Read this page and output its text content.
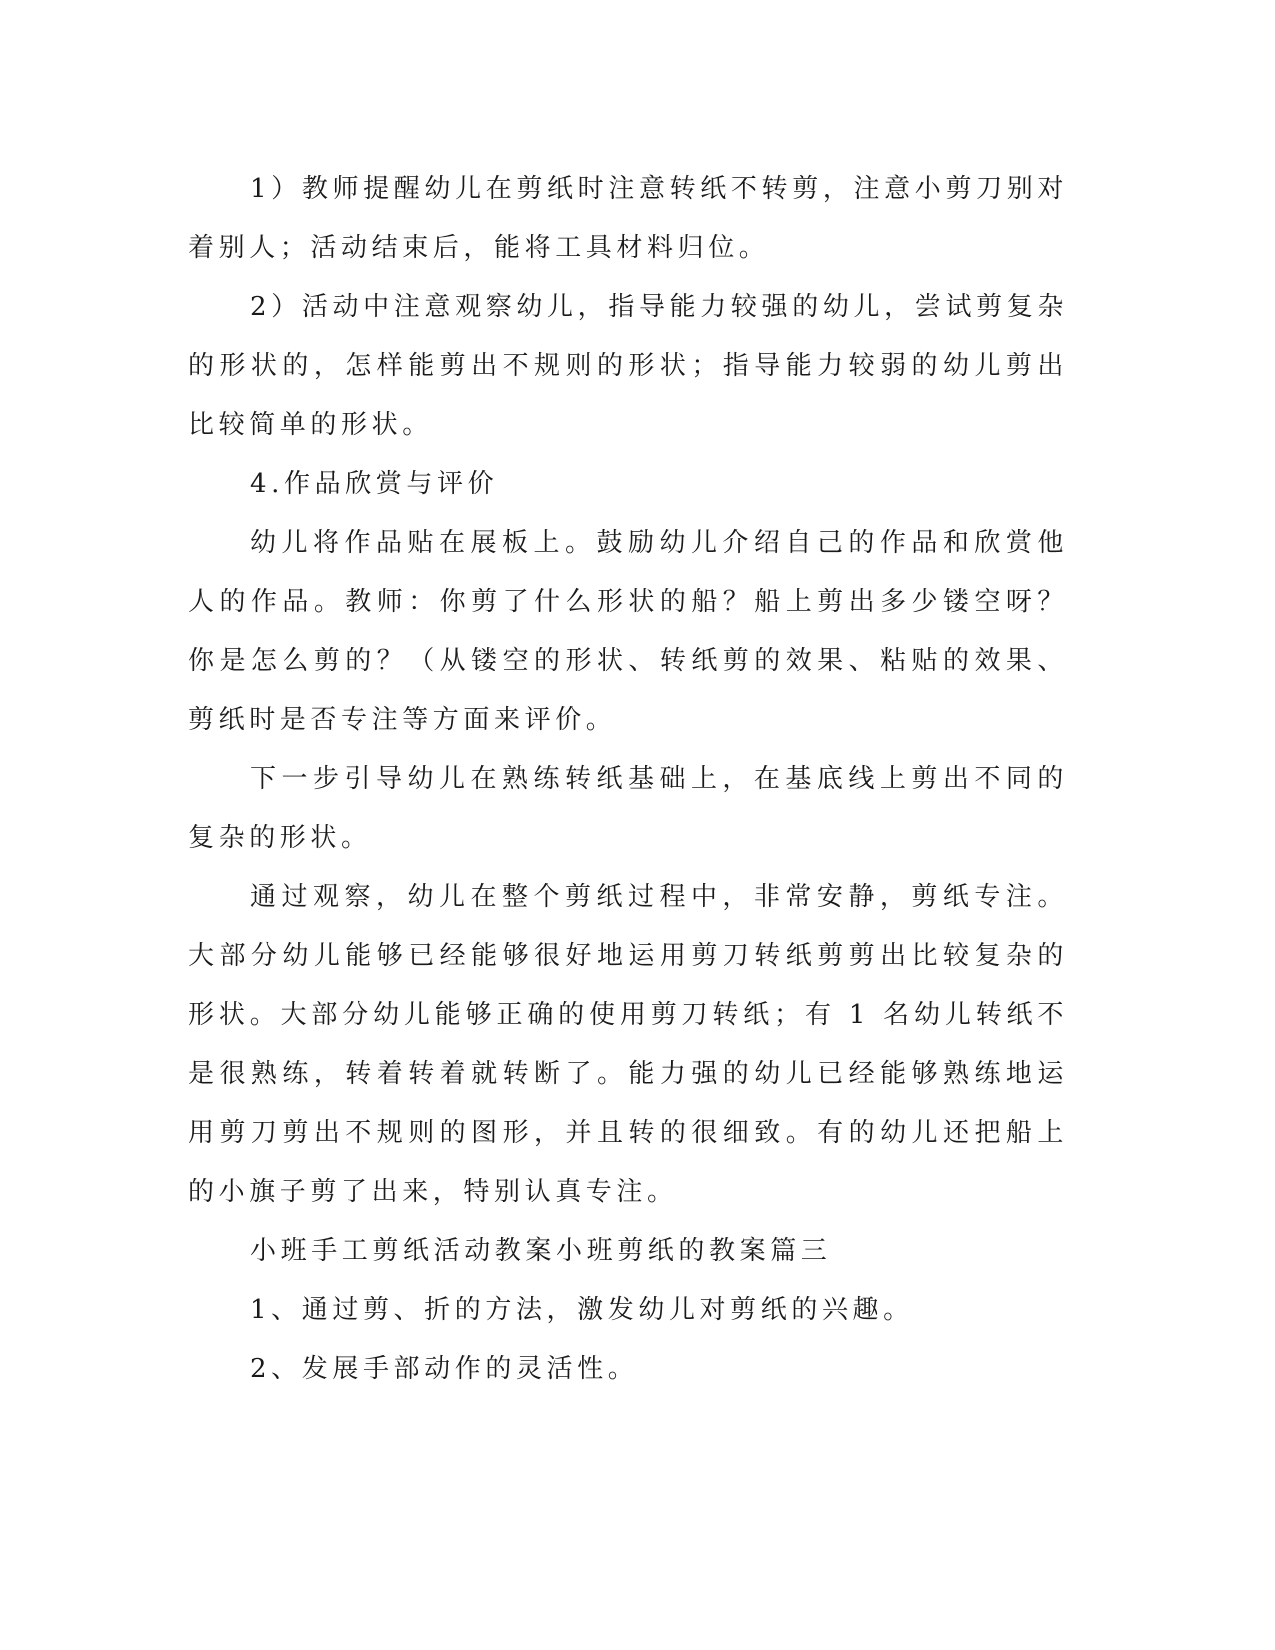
1）教师提醒幼儿在剪纸时注意转纸不转剪，注意小剪刀别对着别人；活动结束后，能将工具材料归位。

2）活动中注意观察幼儿，指导能力较强的幼儿，尝试剪复杂的形状的，怎样能剪出不规则的形状；指导能力较弱的幼儿剪出比较简单的形状。

4.作品欣赏与评价

幼儿将作品贴在展板上。鼓励幼儿介绍自己的作品和欣赏他人的作品。教师：你剪了什么形状的船？船上剪出多少镂空呀？你是怎么剪的？（从镂空的形状、转纸剪的效果、粘贴的效果、剪纸时是否专注等方面来评价。

下一步引导幼儿在熟练转纸基础上，在基底线上剪出不同的复杂的形状。

通过观察，幼儿在整个剪纸过程中，非常安静，剪纸专注。大部分幼儿能够已经能够很好地运用剪刀转纸剪剪出比较复杂的形状。大部分幼儿能够正确的使用剪刀转纸；有 1 名幼儿转纸不是很熟练，转着转着就转断了。能力强的幼儿已经能够熟练地运用剪刀剪出不规则的图形，并且转的很细致。有的幼儿还把船上的小旗子剪了出来，特别认真专注。

小班手工剪纸活动教案小班剪纸的教案篇三

1、通过剪、折的方法，激发幼儿对剪纸的兴趣。

2、发展手部动作的灵活性。
